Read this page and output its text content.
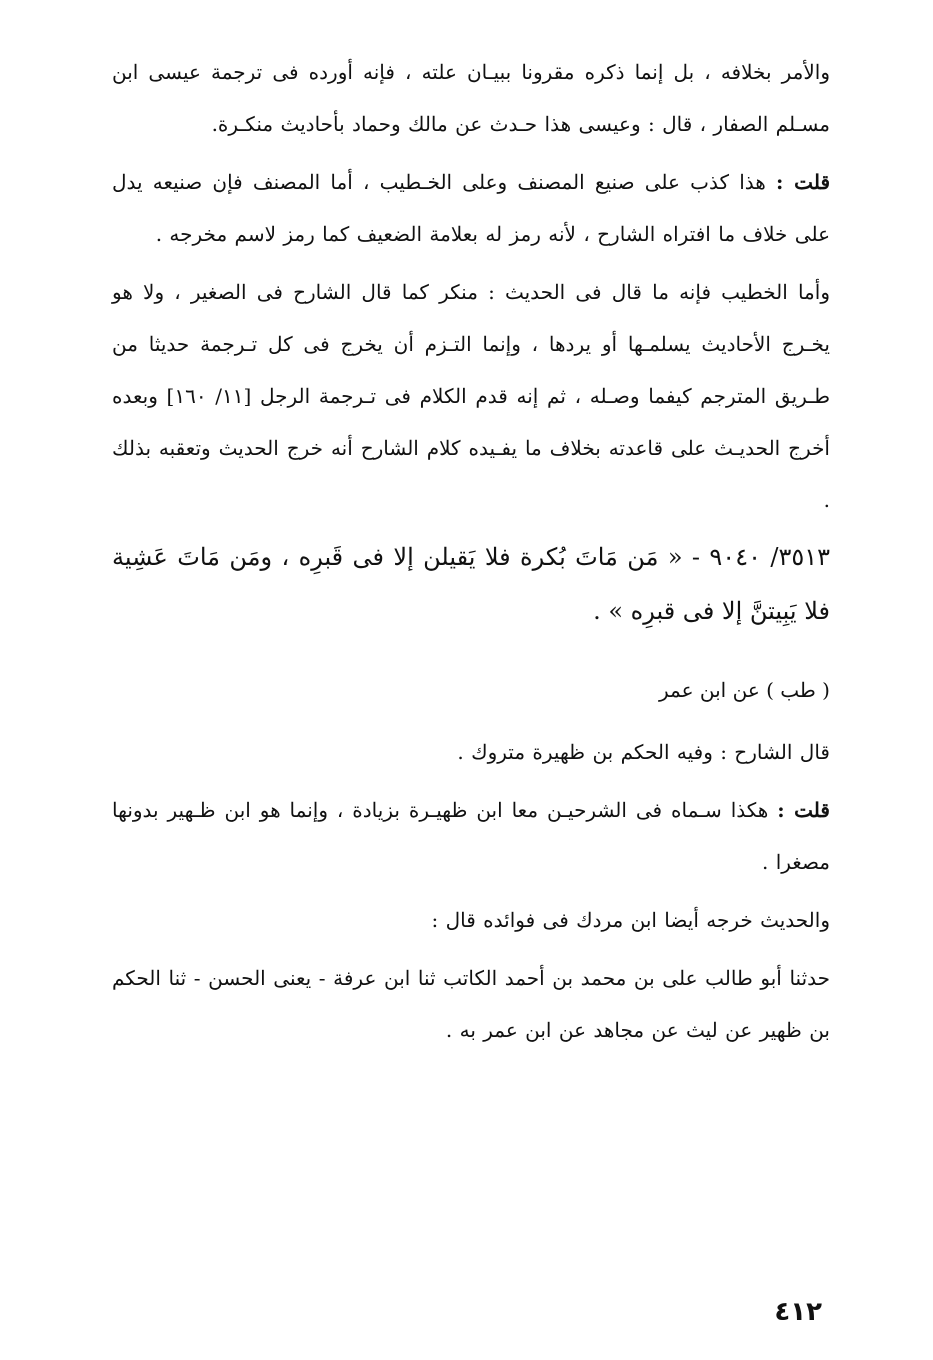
والأمر بخلافه ، بل إنما ذكره مقرونا ببيـان علته ، فإنه أورده فى ترجمة عيسى ابن مسـلم الصفار ، قال : وعيسى هذا حـدث عن مالك وحماد بأحاديث منكـرة.

قلت : هذا كذب على صنيع المصنف وعلى الخـطيب ، أما المصنف فإن صنيعه يدل على خلاف ما افتراه الشارح ، لأنه رمز له بعلامة الضعيف كما رمز لاسم مخرجه .

وأما الخطيب فإنه ما قال فى الحديث : منكر كما قال الشارح فى الصغير ، ولا هو يخـرج الأحاديث يسلمـها أو يردها ، وإنما التـزم أن يخرج فى كل تـرجمة حديثا من طـريق المترجم كيفما وصـله ، ثم إنه قدم الكلام فى تـرجمة الرجل [١١/ ١٦٠] وبعده أخرج الحديـث على قاعدته بخلاف ما يفـيده كلام الشارح أنه خرج الحديث وتعقبه بذلك .

٣٥١٣/ ٩٠٤٠ - « مَن مَاتَ بُكرة فلا يَقيلن إلا فى قَبرِه ، ومَن مَاتَ عَشِية فلا يَبِيتنَّ إلا فى قبرِه » .

( طب ) عن ابن عمر

قال الشارح : وفيه الحكم بن ظهيرة متروك .

قلت : هكذا سـماه فى الشرحيـن معا ابن ظهيـرة بزيادة ، وإنما هو ابن ظـهير بدونها مصغرا .

والحديث خرجه أيضا ابن مردك فى فوائده قال :

حدثنا أبو طالب على بن محمد بن أحمد الكاتب ثنا ابن عرفة - يعنى الحسن - ثنا الحكم بن ظهير عن ليث عن مجاهد عن ابن عمر به .

٤١٢
